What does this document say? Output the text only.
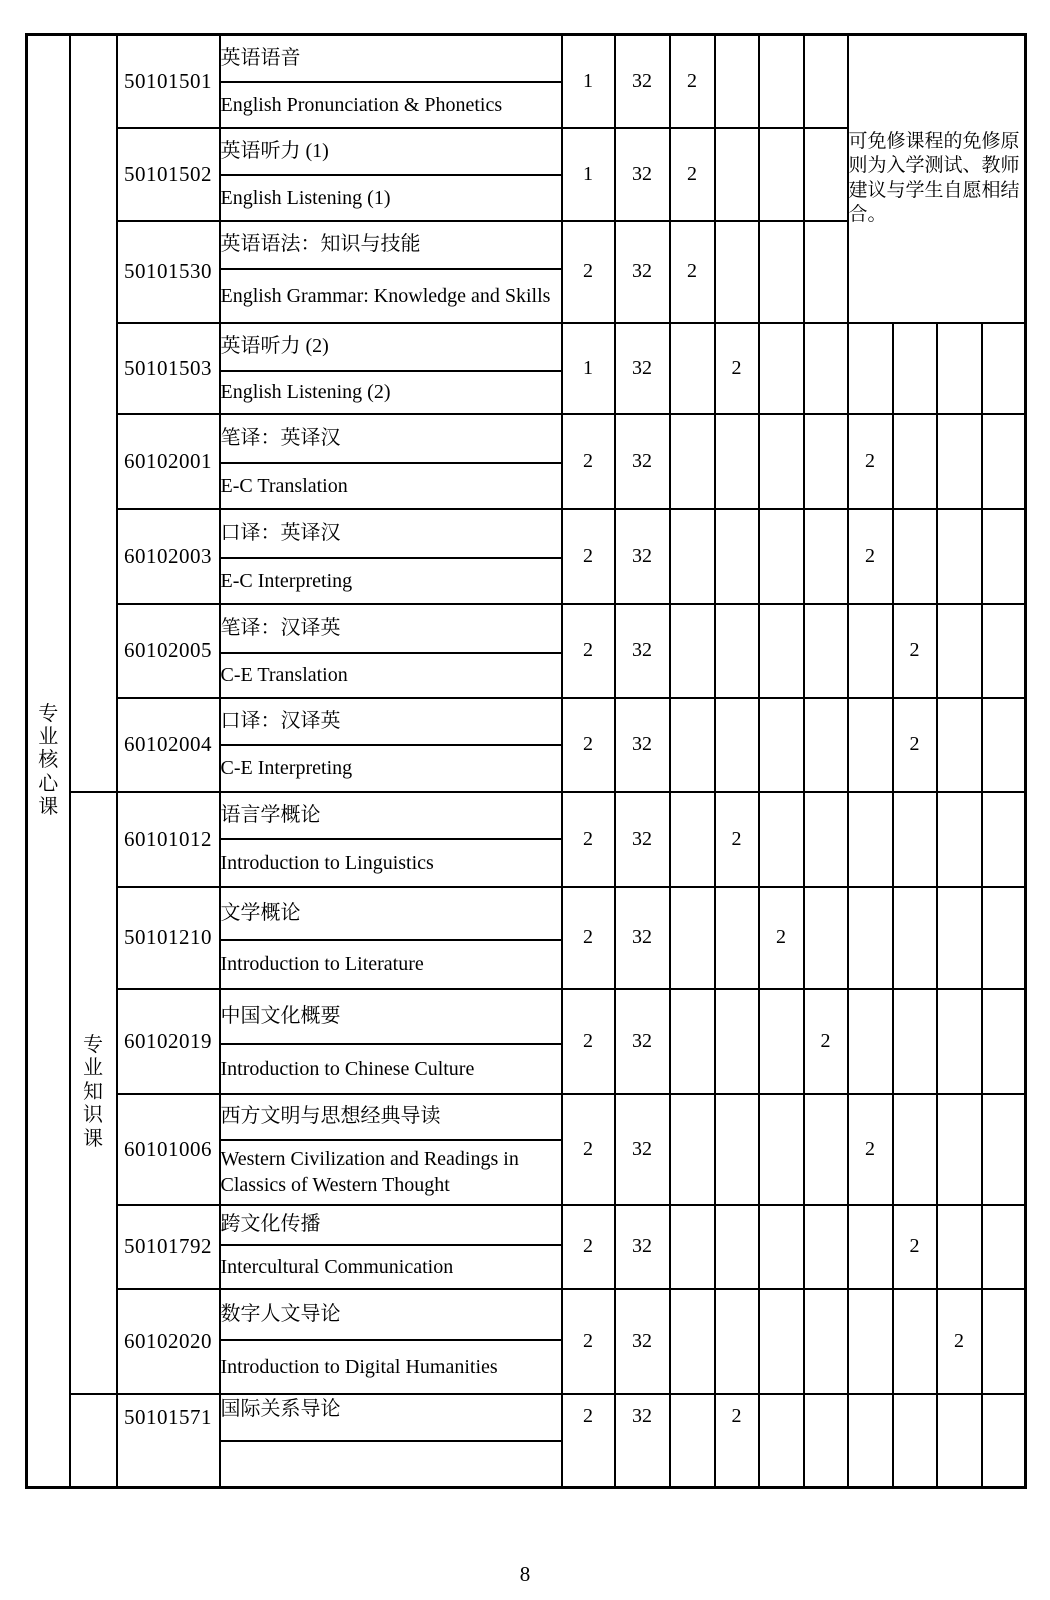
专业核心课		50101501	英语语音	1	32	2				可免修课程的免修原则为入学测试、教师建议与学生自愿相结合。			
			English Pronunciation & Phonetics										
		50101502	英语听力 (1)	1	32	2							
			English Listening (1)										
		50101530	英语语法：知识与技能	2	32	2							
			English Grammar: Knowledge and Skills										
		50101503	英语听力 (2)	1	32		2						
			English Listening (2)										
		60102001	笔译：英译汉	2	32					2			
			E-C Translation										
		60102003	口译：英译汉	2	32					2			
			E-C Interpreting										
		60102005	笔译：汉译英	2	32						2		
			C-E Translation										
		60102004	口译：汉译英	2	32						2		
			C-E Interpreting										

	专业知识课	60101012	语言学概论	2	32		2						
			Introduction to Linguistics										
		50101210	文学概论	2	32			2					
			Introduction to Literature										
		60102019	中国文化概要	2	32				2				
			Introduction to Chinese Culture										
		60101006	西方文明与思想经典导读	2	32					2			
			Western Civilization and Readings in Classics of Western Thought										
		50101792	跨文化传播	2	32						2		
			Intercultural Communication										
		60102020	数字人文导论	2	32							2	
			Introduction to Digital Humanities										

		50101571	国际关系导论	2	32		2						

8
